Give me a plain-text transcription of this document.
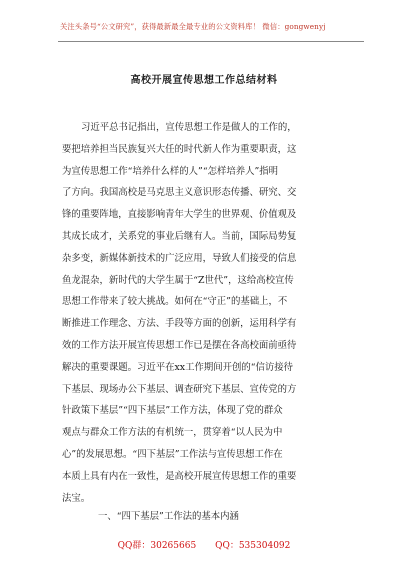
关注头条号“公文研究”，获得最新最全最专业的公文资料库！ 微信：gongwenyj
高校开展宣传思想工作总结材料
习近平总书记指出，宣传思想工作是做人的工作的，
要把培养担当民族复兴大任的时代新人作为重要职责，这
为宣传思想工作“培养什么样的人”“怎样培养人”指明
了方向。我国高校是马克思主义意识形态传播、研究、交
锋的重要阵地，直接影响青年大学生的世界观、价值观及
其成长成才，关系党的事业后继有人。当前，国际局势复
杂多变，新媒体新技术的广泛应用，导致人们接受的信息
鱼龙混杂，新时代的大学生属于“Z世代”，这给高校宣传
思想工作带来了较大挑战。如何在“守正”的基础上，不
断推进工作理念、方法、手段等方面的创新，运用科学有
效的工作方法开展宣传思想工作已是摆在各高校面前亟待
解决的重要课题。习近平在xx工作期间开创的“信访接待
下基层、现场办公下基层、调查研究下基层、宣传党的方
针政策下基层”“四下基层”工作方法，体现了党的群众
观点与群众工作方法的有机统一，贯穿着“以人民为中
心”的发展思想。“四下基层”工作法与宣传思想工作在
本质上具有内在一致性，是高校开展宣传思想工作的重要
法宝。
一、“四下基层”工作法的基本内涵
QQ群：30265665 QQ：535304092
